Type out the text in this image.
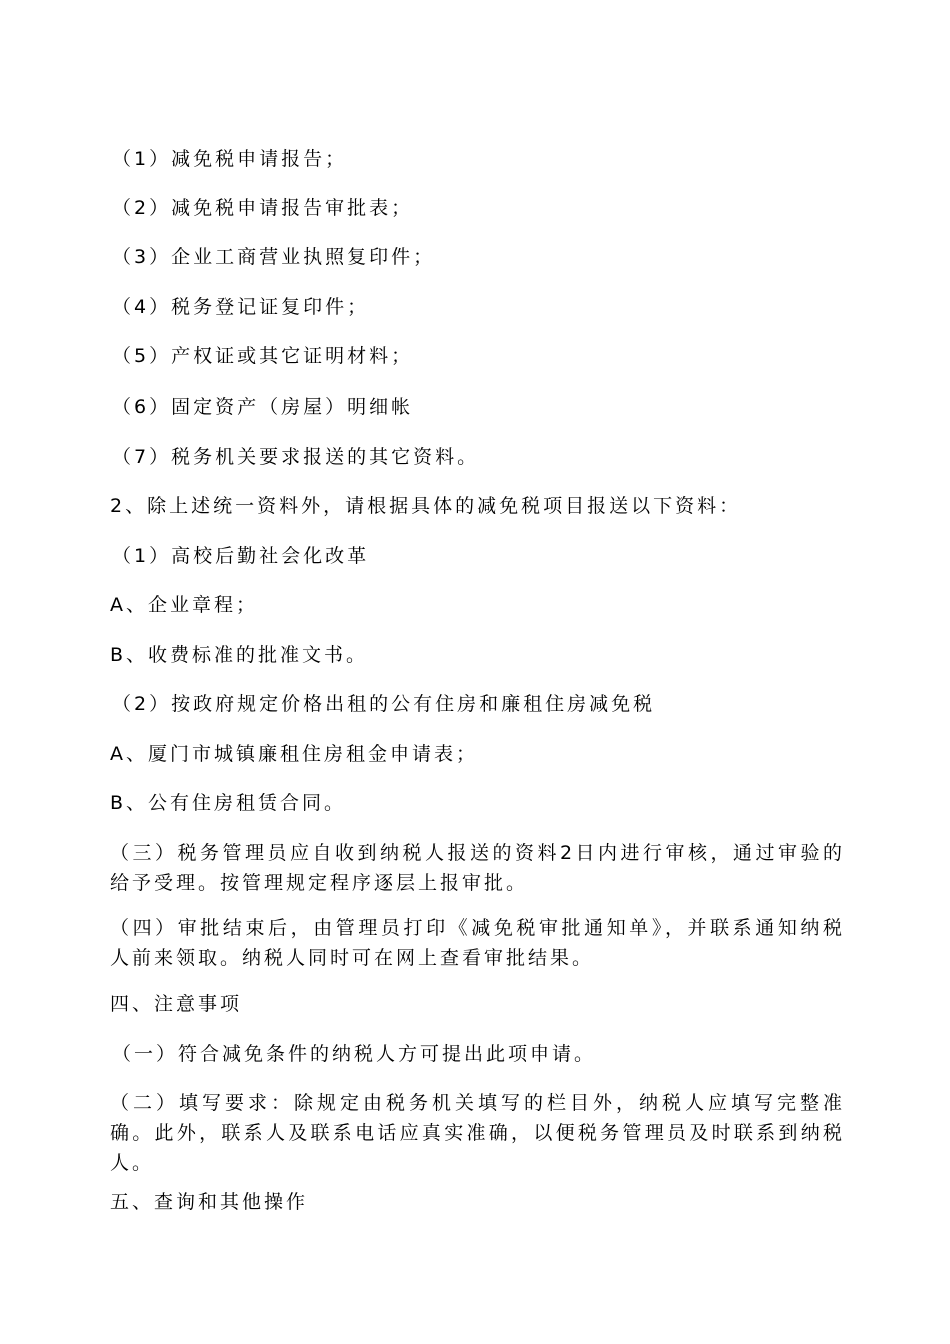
（1）减免税申请报告；
（2）减免税申请报告审批表；
（3）企业工商营业执照复印件；
（4）税务登记证复印件；
（5）产权证或其它证明材料；
（6）固定资产（房屋）明细帐
（7）税务机关要求报送的其它资料。
2、除上述统一资料外，请根据具体的减免税项目报送以下资料：
（1）高校后勤社会化改革
A、企业章程；
B、收费标准的批准文书。
（2）按政府规定价格出租的公有住房和廉租住房减免税
A、厦门市城镇廉租住房租金申请表；
B、公有住房租赁合同。
（三）税务管理员应自收到纳税人报送的资料2日内进行审核，通过审验的给予受理。按管理规定程序逐层上报审批。
（四）审批结束后，由管理员打印《减免税审批通知单》，并联系通知纳税人前来领取。纳税人同时可在网上查看审批结果。
四、注意事项
（一）符合减免条件的纳税人方可提出此项申请。
（二）填写要求：除规定由税务机关填写的栏目外，纳税人应填写完整准确。此外，联系人及联系电话应真实准确，以便税务管理员及时联系到纳税人。
五、查询和其他操作
